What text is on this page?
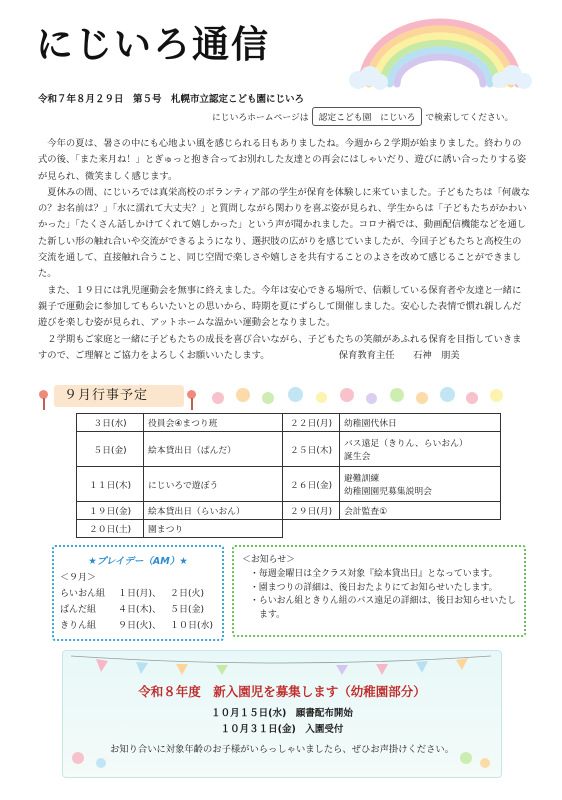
にじいろ通信
令和７年８月２９日　第５号　札幌市立認定こども園にじいろ
にじいろホームページは	認定こども園　にじいろ	で検索してください。

今年の夏は、暑さの中にも心地よい風を感じられる日もありましたね。今週から２学期が始まりました。終わりの式の後、「また来月ね！」とぎゅっと抱き合ってお別れした友達との再会にはしゃいだり、遊びに誘い合ったりする姿が見られ、微笑ましく感じます。

夏休みの間、にじいろでは真栄高校のボランティア部の学生が保育を体験しに来ていました。子どもたちは「何歳なの？お名前は？」「水に濡れて大丈夫？」と質問しながら関わりを喜ぶ姿が見られ、学生からは「子どもたちがかわいかった」「たくさん話しかけてくれて嬉しかった」という声が聞かれました。コロナ禍では、動画配信機能などを通した新しい形の触れ合いや交流ができるようになり、選択肢の広がりを感じていましたが、今回子どもたちと高校生の交流を通して、直接触れ合うこと、同じ空間で楽しさや嬉しさを共有することのよさを改めて感じることができました。

また、１９日には乳児運動会を無事に終えました。今年は安心できる場所で、信頼している保育者や友達と一緒に親子で運動会に参加してもらいたいとの思いから、時期を夏にずらして開催しました。安心した表情で慣れ親しんだ遊びを楽しむ姿が見られ、アットホームな温かい運動会となりました。

２学期もご家庭と一緒に子どもたちの成長を喜び合いながら、子どもたちの笑顔があふれる保育を目指していきますので、ご理解とご協力をよろしくお願いいたします。	保育教育主任　　石神　朋美

９月行事予定
３日(水)	役員会④まつり班	２２日(月)	幼稚園代休日
５日(金)	絵本貸出日（ぱんだ）	２５日(木)	バス遠足（きりん、らいおん）
誕生会

１１日(木)	にじいろで遊ぼう	２６日(金)	避難訓練
幼稚園園児募集説明会

１９日(金)	絵本貸出日（らいおん）	２９日(月)	会計監査①
２０日(土)	園まつり		
★プレイデー（AM）★
＜９月＞
らいおん組	１日(月)、 ２日(火)
ぱんだ組	４日(木)、 ５日(金)
きりん組	９日(火)、 １０日(水)
＜お知らせ＞
・毎週金曜日は全クラス対象『絵本貸出日』となっています。
・園まつりの詳細は、後日おたよりにてお知らせいたします。
・らいおん組ときりん組のバス遠足の詳細は、後日お知らせいたします。
令和８年度　新入園児を募集します（幼稚園部分）
１０月１５日(水)　願書配布開始
１０月３１日(金)　入園受付
お知り合いに対象年齢のお子様がいらっしゃいましたら、ぜひお声掛けください。
